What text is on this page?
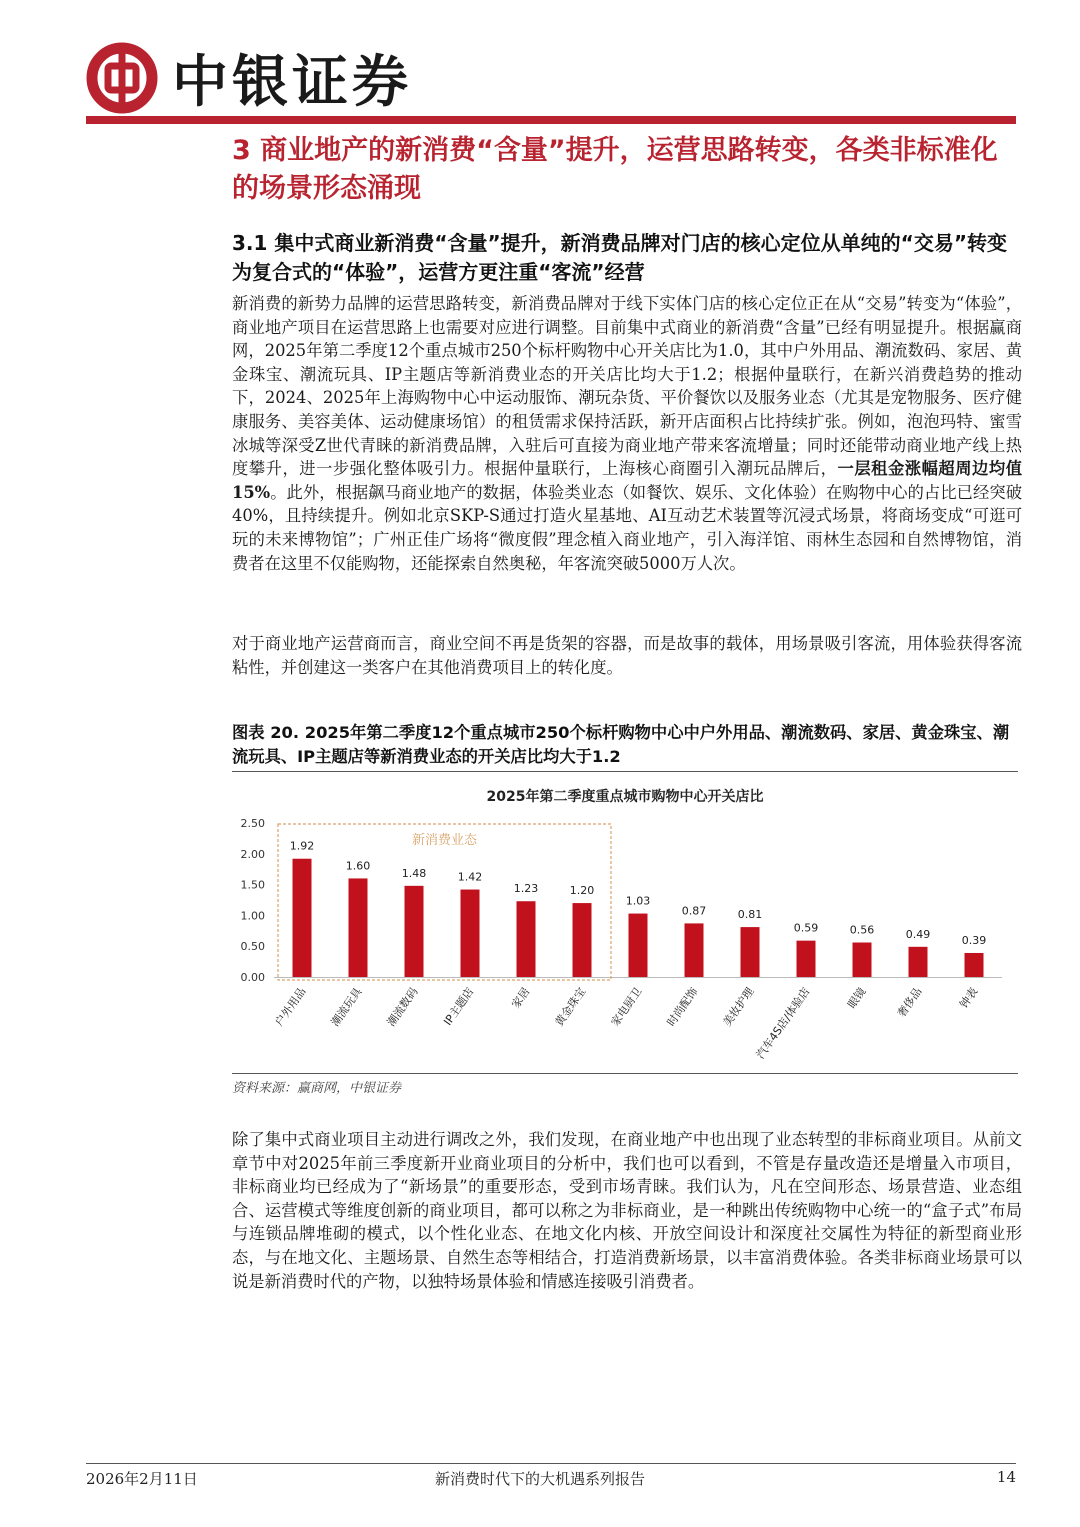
中银证券
3 商业地产的新消费“含量”提升，运营思路转变，各类非标准化的场景形态涌现
3.1 集中式商业新消费“含量”提升，新消费品牌对门店的核心定位从单纯的“交易”转变为复合式的“体验”，运营方更注重“客流”经营
新消费的新势力品牌的运营思路转变，新消费品牌对于线下实体门店的核心定位正在从“交易”转变为“体验”，商业地产项目在运营思路上也需要对应进行调整。目前集中式商业的新消费“含量”已经有明显提升。根据赢商网，2025年第二季度12个重点城市250个标杆购物中心开关店比为1.0，其中户外用品、潮流数码、家居、黄金珠宝、潮流玩具、IP主题店等新消费业态的开关店比均大于1.2；根据仲量联行，在新兴消费趋势的推动下，2024、2025年上海购物中心中运动服饰、潮玩杂货、平价餐饮以及服务业态（尤其是宠物服务、医疗健康服务、美容美体、运动健康场馆）的租赁需求保持活跃，新开店面积占比持续扩张。例如，泡泡玛特、蜜雪冰城等深受Z世代青睐的新消费品牌，入驻后可直接为商业地产带来客流增量；同时还能带动商业地产线上热度攀升，进一步强化整体吸引力。根据仲量联行，上海核心商圈引入潮玩品牌后，一层租金涨幅超周边均值 15%。此外，根据飙马商业地产的数据，体验类业态（如餐饮、娱乐、文化体验）在购物中心的占比已经突破40%，且持续提升。例如北京SKP-S通过打造火星基地、AI互动艺术装置等沉浸式场景，将商场变成“可逛可玩的未来博物馆”；广州正佳广场将“微度假”理念植入商业地产，引入海洋馆、雨林生态园和自然博物馆，消费者在这里不仅能购物，还能探索自然奥秘，年客流突破5000万人次。
对于商业地产运营商而言，商业空间不再是货架的容器，而是故事的载体，用场景吸引客流，用体验获得客流粘性，并创建这一类客户在其他消费项目上的转化度。
图表 20. 2025年第二季度12个重点城市250个标杆购物中心中户外用品、潮流数码、家居、黄金珠宝、潮流玩具、IP主题店等新消费业态的开关店比均大于1.2
2025年第二季度重点城市购物中心开关店比
0.00
0.50
1.00
1.50
2.00
2.50
新消费业态
1.92
户外用品
1.60
潮流玩具
1.48
潮流数码
1.42
IP主题店
1.23
家居
1.20
黄金珠宝
1.03
家电厨卫
0.87
时尚配饰
0.81
美妆护理
0.59
汽车4S店/体验店
0.56
眼镜
0.49
奢侈品
0.39
钟表
资料来源：赢商网，中银证券
除了集中式商业项目主动进行调改之外，我们发现，在商业地产中也出现了业态转型的非标商业项目。从前文章节中对2025年前三季度新开业商业项目的分析中，我们也可以看到，不管是存量改造还是增量入市项目，非标商业均已经成为了“新场景”的重要形态，受到市场青睐。我们认为，凡在空间形态、场景营造、业态组合、运营模式等维度创新的商业项目，都可以称之为非标商业，是一种跳出传统购物中心统一的“盒子式”布局与连锁品牌堆砌的模式，以个性化业态、在地文化内核、开放空间设计和深度社交属性为特征的新型商业形态，与在地文化、主题场景、自然生态等相结合，打造消费新场景，以丰富消费体验。各类非标商业场景可以说是新消费时代的产物，以独特场景体验和情感连接吸引消费者。
2026年2月11日	新消费时代下的大机遇系列报告	14
